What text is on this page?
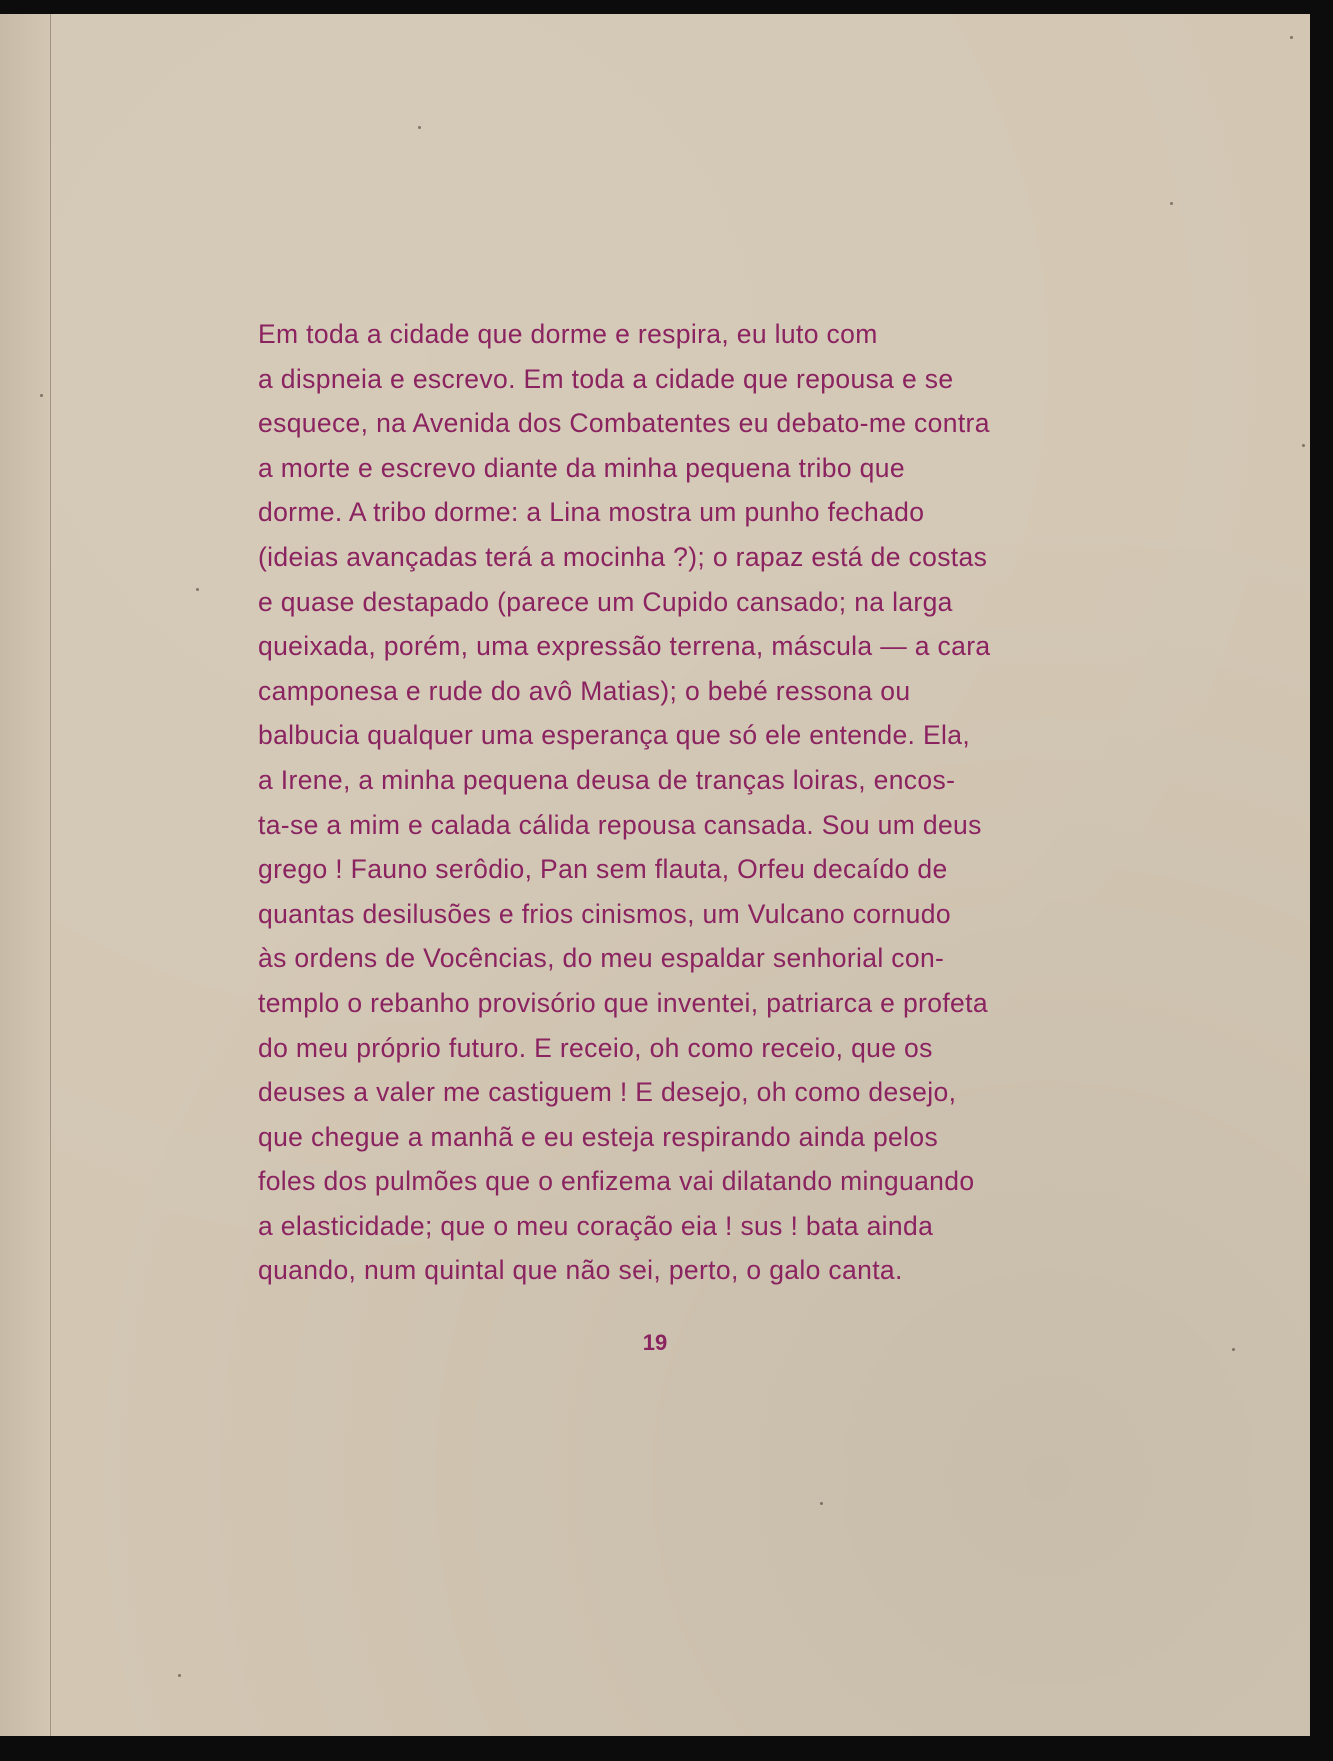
Em toda a cidade que dorme e respira, eu luto com
a dispneia e escrevo. Em toda a cidade que repousa e se
esquece, na Avenida dos Combatentes eu debato-me contra
a morte e escrevo diante da minha pequena tribo que
dorme. A tribo dorme: a Lina mostra um punho fechado
(ideias avançadas terá a mocinha ?); o rapaz está de costas
e quase destapado (parece um Cupido cansado; na larga
queixada, porém, uma expressão terrena, máscula — a cara
camponesa e rude do avô Matias); o bebé ressona ou
balbucia qualquer uma esperança que só ele entende. Ela,
a Irene, a minha pequena deusa de tranças loiras, encos-
ta-se a mim e calada cálida repousa cansada. Sou um deus
grego ! Fauno serôdio, Pan sem flauta, Orfeu decaído de
quantas desilusões e frios cinismos, um Vulcano cornudo
às ordens de Vocências, do meu espaldar senhorial con-
templo o rebanho provisório que inventei, patriarca e profeta
do meu próprio futuro. E receio, oh como receio, que os
deuses a valer me castiguem ! E desejo, oh como desejo,
que chegue a manhã e eu esteja respirando ainda pelos
foles dos pulmões que o enfizema vai dilatando minguando
a elasticidade; que o meu coração eia ! sus ! bata ainda
quando, num quintal que não sei, perto, o galo canta.
19
